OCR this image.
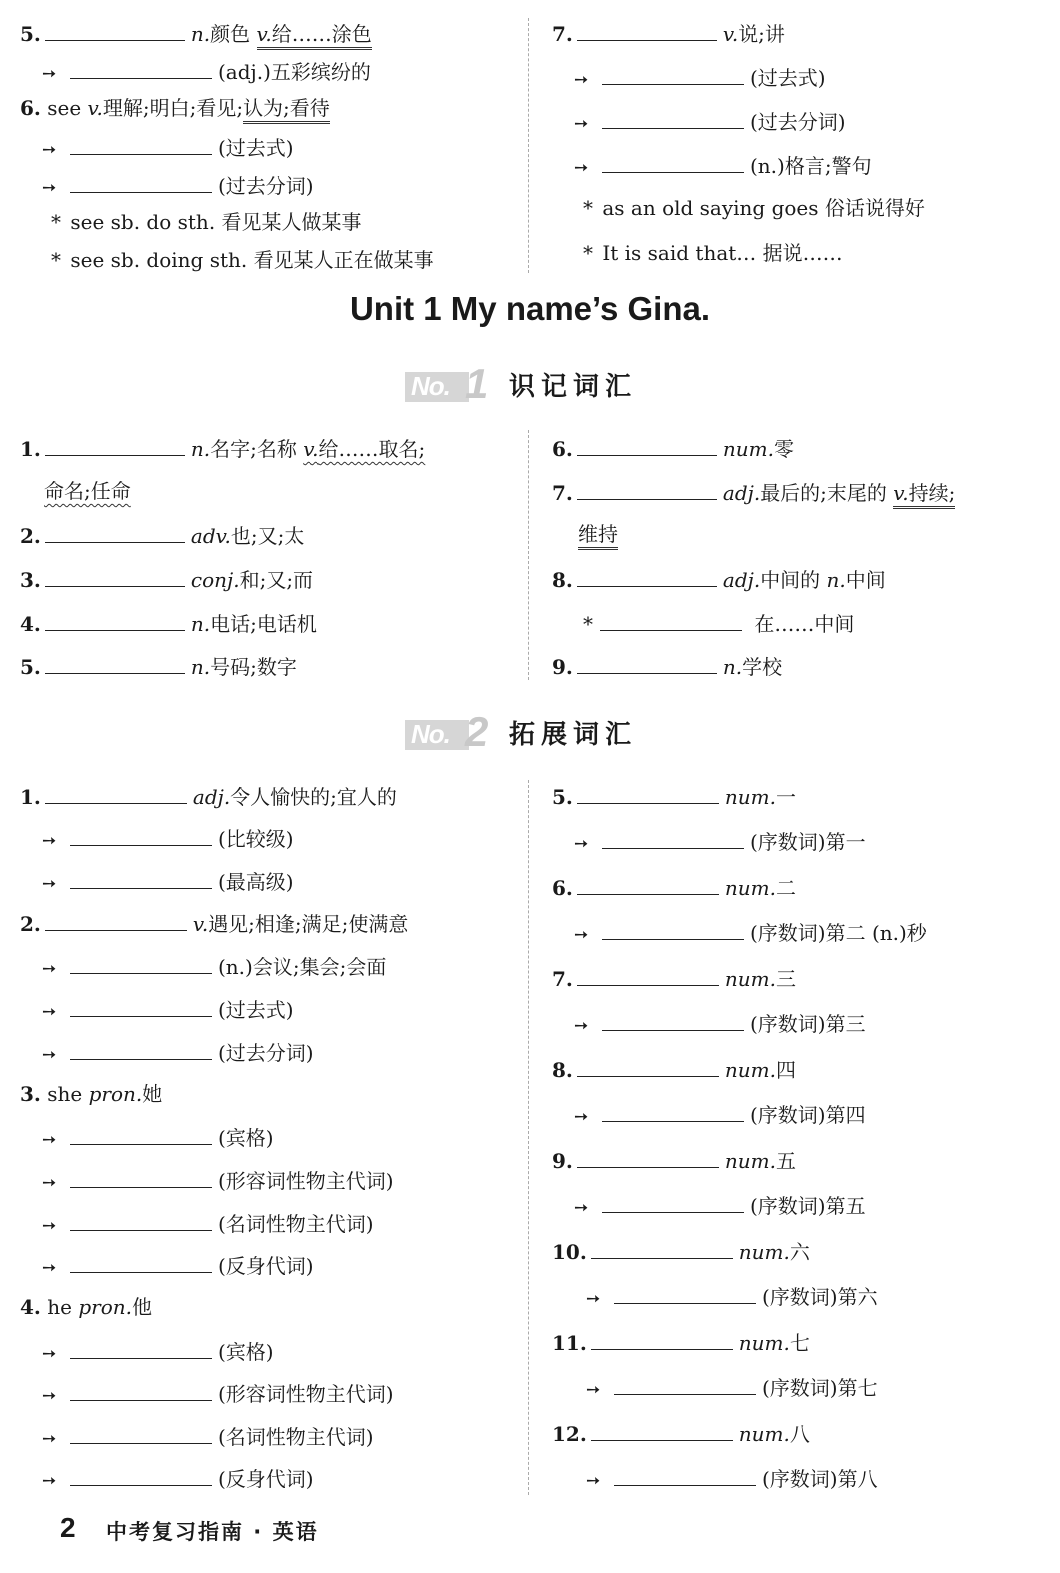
5.	n.颜色 v.给……涂色
➙	(adj.)五彩缤纷的
6. see v.理解;明白;看见;认为;看待
➙	(过去式)
➙	(过去分词)
* see sb. do sth. 看见某人做某事
* see sb. doing sth. 看见某人正在做某事
7.	v.说;讲
➙	(过去式)
➙	(过去分词)
➙	(n.)格言;警句
* as an old saying goes 俗话说得好
* It is said that… 据说……
Unit 1 My name’s Gina.
No. 1 识记词汇
1.	n.名字;名称 v.给……取名;
命名;任命
2.	adv.也;又;太
3.	conj.和;又;而
4.	n.电话;电话机
5.	n.号码;数字
6.	num.零
7.	adj.最后的;末尾的 v.持续;
维持
8.	adj.中间的 n.中间
*	在……中间
9.	n.学校
No. 2 拓展词汇
1.	adj.令人愉快的;宜人的
➙	(比较级)
➙	(最高级)
2.	v.遇见;相逢;满足;使满意
➙	(n.)会议;集会;会面
➙	(过去式)
➙	(过去分词)
3. she pron.她
➙	(宾格)
➙	(形容词性物主代词)
➙	(名词性物主代词)
➙	(反身代词)
4. he pron.他
➙	(宾格)
➙	(形容词性物主代词)
➙	(名词性物主代词)
➙	(反身代词)
5.	num.一
➙	(序数词)第一
6.	num.二
➙	(序数词)第二 (n.)秒
7.	num.三
➙	(序数词)第三
8.	num.四
➙	(序数词)第四
9.	num.五
➙	(序数词)第五
10.	num.六
➙	(序数词)第六
11.	num.七
➙	(序数词)第七
12.	num.八
➙	(序数词)第八
2 中考复习指南 · 英语
